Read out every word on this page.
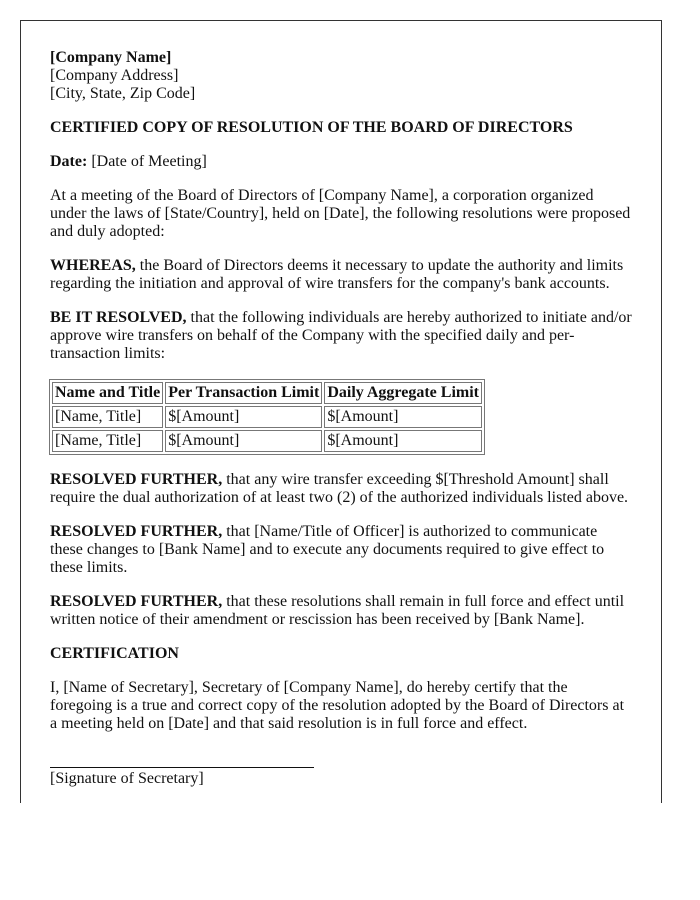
[Company Name]
[Company Address]
[City, State, Zip Code]

CERTIFIED COPY OF RESOLUTION OF THE BOARD OF DIRECTORS

Date: [Date of Meeting]

At a meeting of the Board of Directors of [Company Name], a corporation organized under the laws of [State/Country], held on [Date], the following resolutions were proposed and duly adopted:

WHEREAS, the Board of Directors deems it necessary to update the authority and limits regarding the initiation and approval of wire transfers for the company's bank accounts.

BE IT RESOLVED, that the following individuals are hereby authorized to initiate and/or approve wire transfers on behalf of the Company with the specified daily and per-transaction limits:

Name and Title	Per Transaction Limit	Daily Aggregate Limit
[Name, Title]	$[Amount]	$[Amount]
[Name, Title]	$[Amount]	$[Amount]

RESOLVED FURTHER, that any wire transfer exceeding $[Threshold Amount] shall require the dual authorization of at least two (2) of the authorized individuals listed above.

RESOLVED FURTHER, that [Name/Title of Officer] is authorized to communicate these changes to [Bank Name] and to execute any documents required to give effect to these limits.

RESOLVED FURTHER, that these resolutions shall remain in full force and effect until written notice of their amendment or rescission has been received by [Bank Name].

CERTIFICATION

I, [Name of Secretary], Secretary of [Company Name], do hereby certify that the foregoing is a true and correct copy of the resolution adopted by the Board of Directors at a meeting held on [Date] and that said resolution is in full force and effect.

[Signature of Secretary]
